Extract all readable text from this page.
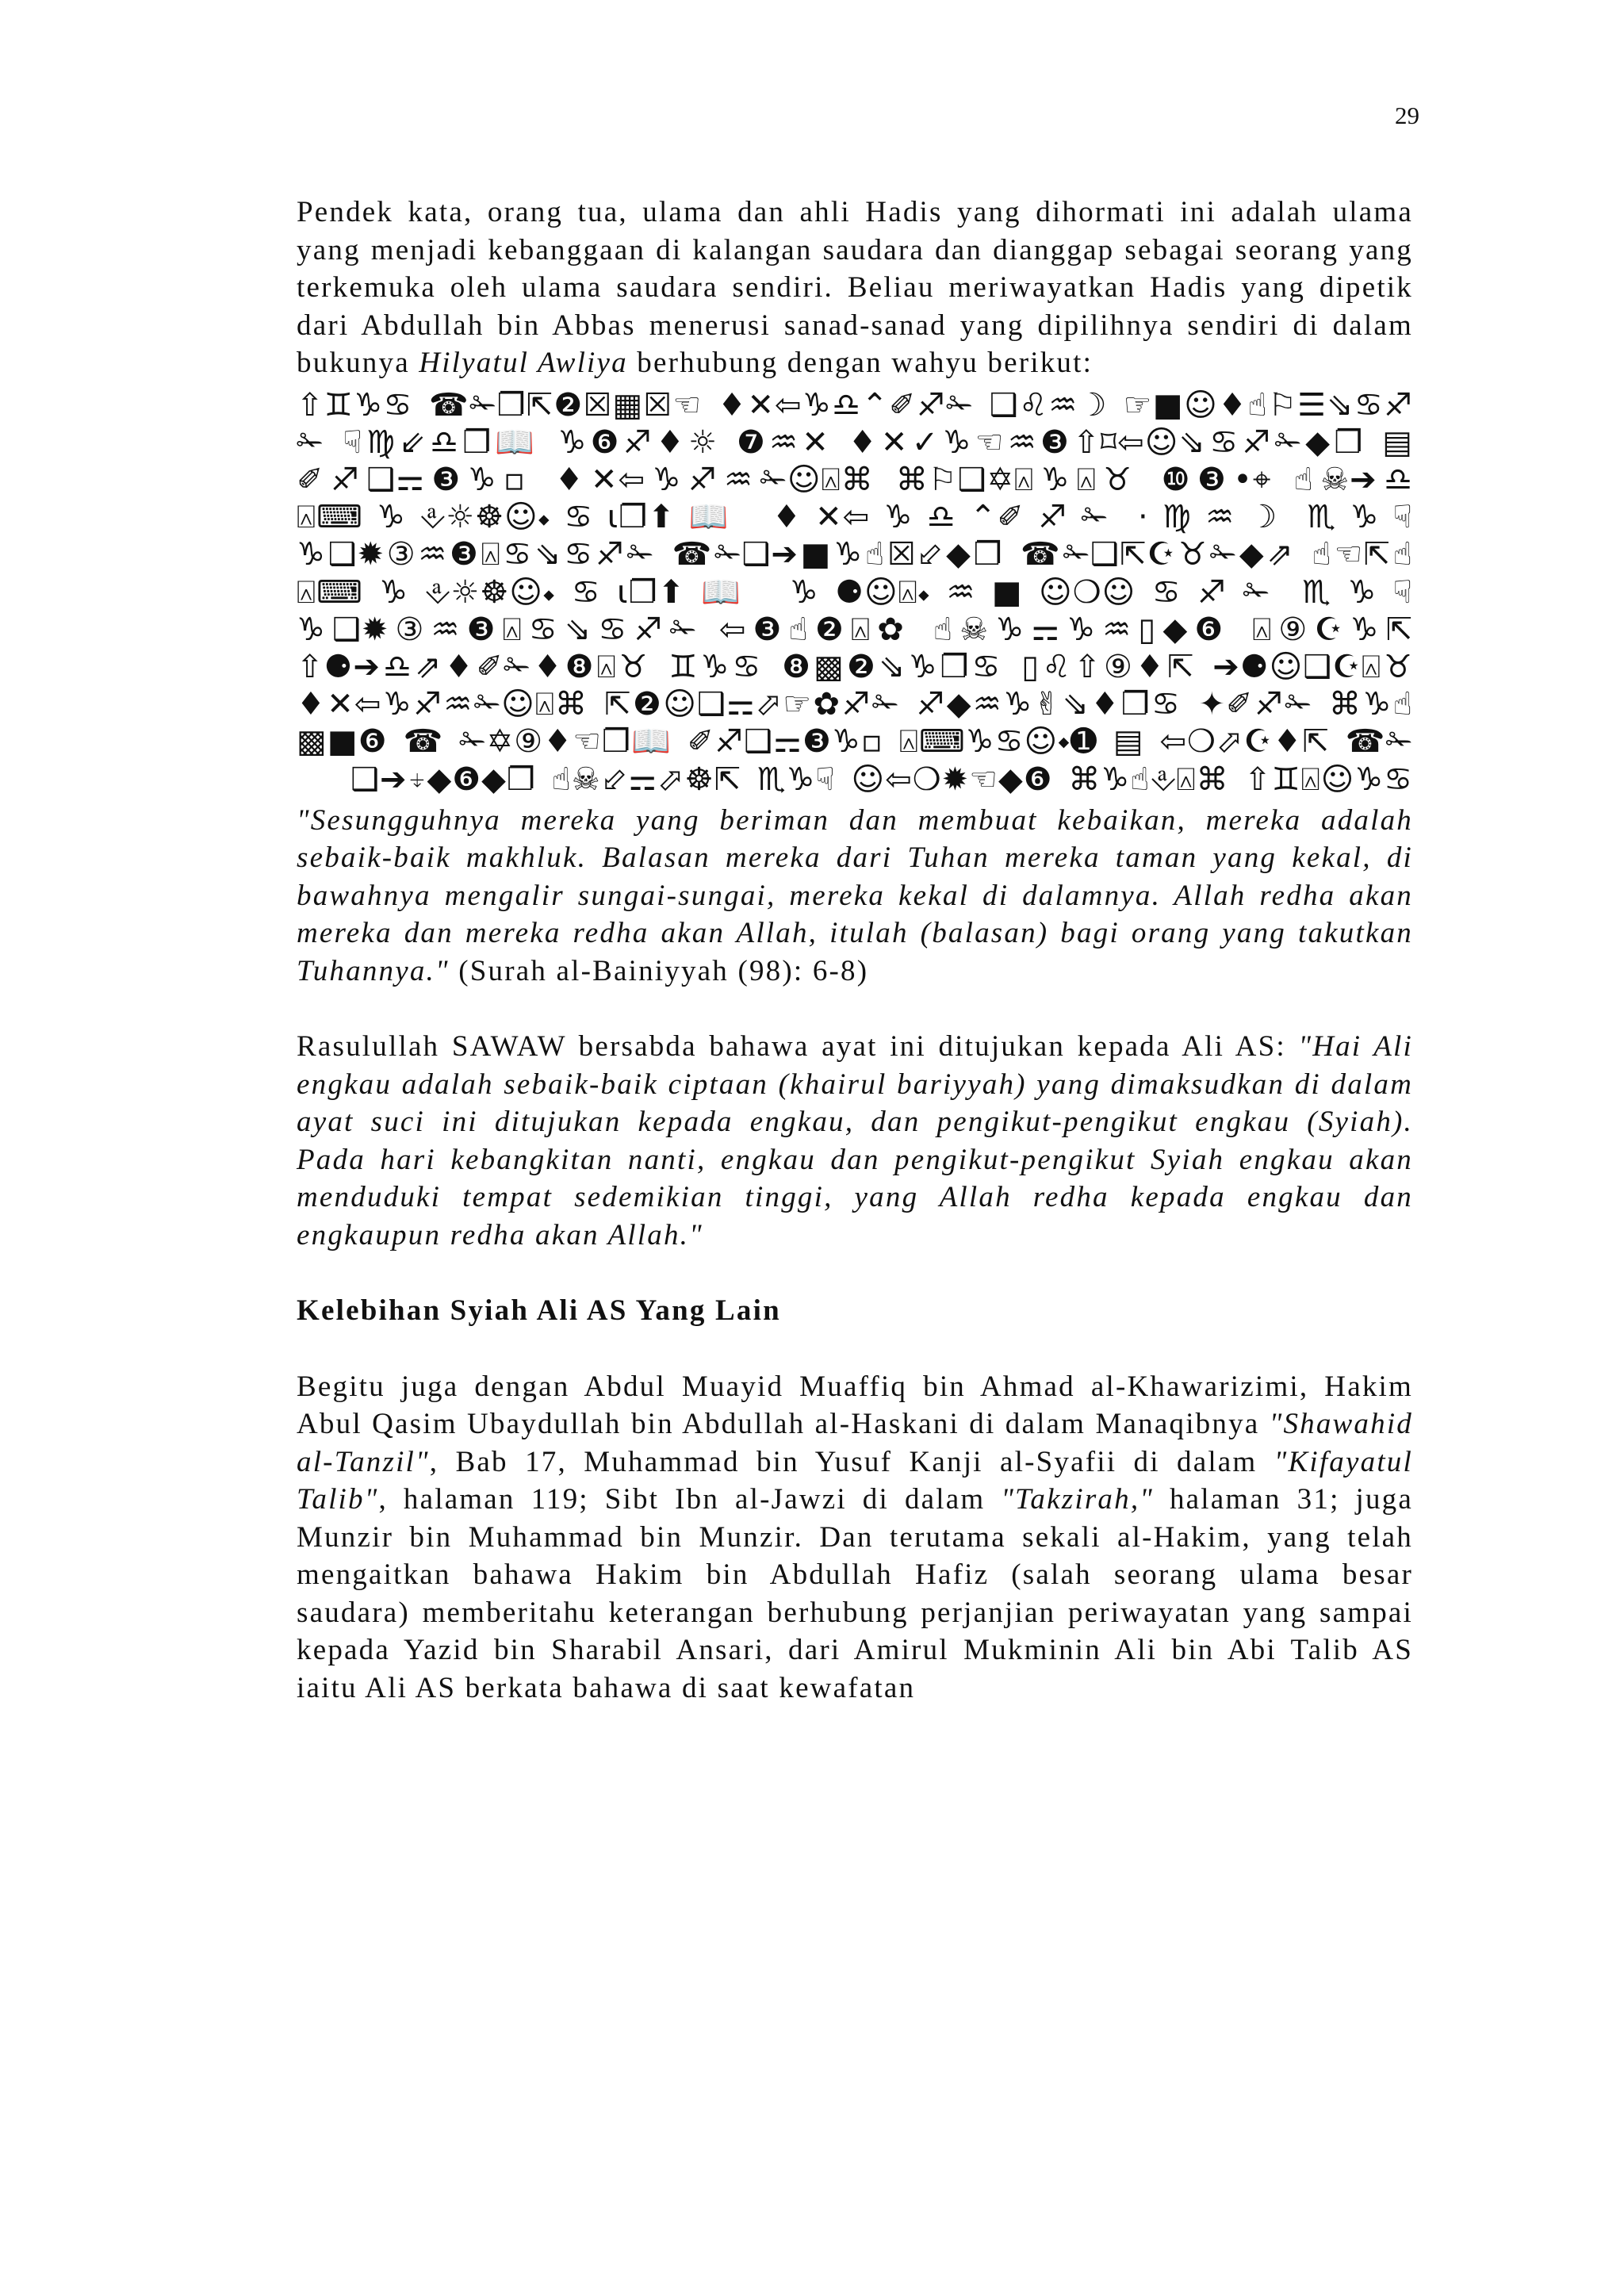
29

Pendek kata, orang tua, ulama dan ahli Hadis yang dihormati ini adalah ulama yang menjadi kebanggaan di kalangan saudara dan dianggap sebagai seorang yang terkemuka oleh ulama saudara sendiri. Beliau meriwayatkan Hadis yang dipetik dari Abdullah bin Abbas menerusi sanad-sanad yang dipilihnya sendiri di dalam bukunya Hilyatul Awliya berhubung dengan wahyu berikut:

⇧♊♑♋ ☎✁❐⇱❷☒▦☒☜ ♦✕⇦♑♎⌃✐♐✁ ❑♌♒☽ ☞■☺♦☝⚐☰⇘♋♐✁ ☟♍⇙♎❐📖 ♑❻♐♦☼ ❼♒✕ ♦✕✓♑☜♒❸⇧⌑⇦☺⇘♋♐✁◆❐ ▤ ✐♐❑⚎❸♑▫ ♦✕⇦♑♐♒✁☺⍓⌘ ⌘⚐❑✡⍓♑⍓♉ ❿❸•⌖ ☝☠➔♎ ⍓⌨♑⎀☼☸☺⬩♋⍳❐⬆📖 ♦✕⇦♑♎⌃✐♐✁ ·♍♒☽ ♏♑☟ ♑❑✹③♒❸⍓♋⇘♋♐✁ ☎✁❑➔■♑☝☒⬃◆❐ ☎✁❑⇱☪♉✁◆⇗ ☝☜⇱☝ ⍓⌨♑⎀☼☸☺⬩♋⍳❐⬆📖 ♑⚈☺⍓⬩♒■☺❍☺♋♐✁ ♏♑☟ ♑❑✹③♒❸⍓♋⇘♋♐✁ ⇦❸☝❷⍓✿ ☝☠♑⚎♑♒▯◆❻ ⍓⑨☪♑⇱ ⇧⚈➔♎⇗♦✐✁♦❽⍓♉ ♊♑♋ ❽▩❷⇘♑❐♋ ▯♌⇧⑨♦⇱ ➔⚈☺❑☪⍓♉ ♦✕⇦♑♐♒✁☺⍓⌘ ⇱❷☺❑⚎⬀☞✿♐✁ ♐◆♒♑✌⇘♦❐♋ ✦✐♐✁ ⌘♑☝▩■❻ ☎ ✁✡⑨♦☜❐📖 ✐♐❑⚎❸♑▫ ⍓⌨♑♋☺⬩➊ ▤ ⇦❍⬀☪♦⇱ ☎✁❑➔⍖◆❻◆❐ ☝☠⬃⚎⬀☸⇱ ♏♑☟ ☺⇦❍✹☜◆❻ ⌘♑☝⎀⍓⌘ ⇧♊⍓☺♑♋

"Sesungguhnya mereka yang beriman dan membuat kebaikan, mereka adalah sebaik-baik makhluk. Balasan mereka dari Tuhan mereka taman yang kekal, di bawahnya mengalir sungai-sungai, mereka kekal di dalamnya. Allah redha akan mereka dan mereka redha akan Allah, itulah (balasan) bagi orang yang takutkan Tuhannya." (Surah al-Bainiyyah (98): 6-8)

Rasulullah SAWAW bersabda bahawa ayat ini ditujukan kepada Ali AS: "Hai Ali engkau adalah sebaik-baik ciptaan (khairul bariyyah) yang dimaksudkan di dalam ayat suci ini ditujukan kepada engkau, dan pengikut-pengikut engkau (Syiah). Pada hari kebangkitan nanti, engkau dan pengikut-pengikut Syiah engkau akan menduduki tempat sedemikian tinggi, yang Allah redha kepada engkau dan engkaupun redha akan Allah."

Kelebihan Syiah Ali AS Yang Lain

Begitu juga dengan Abdul Muayid Muaffiq bin Ahmad al-Khawarizimi, Hakim Abul Qasim Ubaydullah bin Abdullah al-Haskani di dalam Manaqibnya "Shawahid al-Tanzil", Bab 17, Muhammad bin Yusuf Kanji al-Syafii di dalam "Kifayatul Talib", halaman 119; Sibt Ibn al-Jawzi di dalam "Takzirah," halaman 31; juga Munzir bin Muhammad bin Munzir. Dan terutama sekali al-Hakim, yang telah mengaitkan bahawa Hakim bin Abdullah Hafiz (salah seorang ulama besar saudara) memberitahu keterangan berhubung perjanjian periwayatan yang sampai kepada Yazid bin Sharabil Ansari, dari Amirul Mukminin Ali bin Abi Talib AS iaitu Ali AS berkata bahawa di saat kewafatan
